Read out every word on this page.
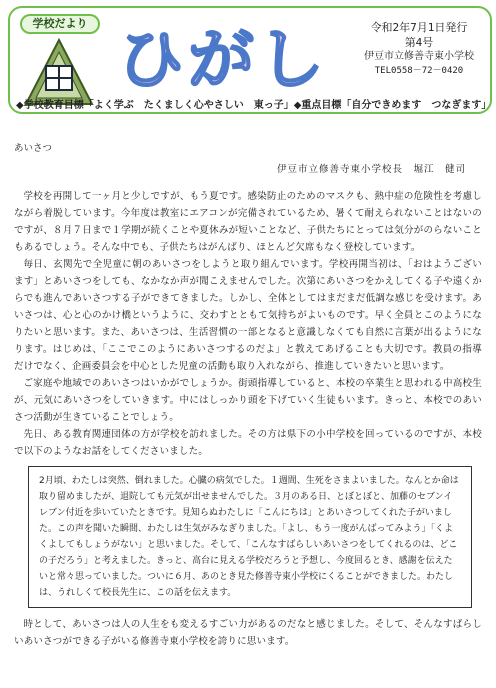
学校だより ひがし	令和2年7月1日発行
第4号
伊豆市立修善寺東小学校
TEL0558－72－0420
◆学校教育目標「よく学ぶ　たくましく心やさしい　東っ子」◆重点目標「自分できめます　つなぎます」
あいさつ
伊豆市立修善寺東小学校長　堀江　健司

学校を再開して一ヶ月と少しですが、もう夏です。感染防止のためのマスクも、熱中症の危険性を考慮しながら着脱しています。今年度は教室にエアコンが完備されているため、暑くて耐えられないことはないのですが、８月７日まで１学期が続くことや夏休みが短いことなど、子供たちにとっては気分がのらないこともあるでしょう。そんな中でも、子供たちはがんばり、ほとんど欠席もなく登校しています。

毎日、玄関先で全児童に朝のあいさつをしようと取り組んでいます。学校再開当初は、「おはようございます」とあいさつをしても、なかなか声が聞こえませんでした。次第にあいさつをかえしてくる子や遠くからでも進んであいさつする子ができてきました。しかし、全体としてはまだまだ低調な感じを受けます。あいさつは、心と心のかけ橋というように、交わすとともて気持ちがよいものです。早く全員とこのようになりたいと思います。また、あいさつは、生活習慣の一部となると意識しなくても自然に言葉が出るようになります。はじめは、「ここでこのようにあいさつするのだよ」と教えてあげることも大切です。教員の指導だけでなく、企画委員会を中心とした児童の活動も取り入れながら、推進していきたいと思います。

ご家庭や地域でのあいさつはいかがでしょうか。街頭指導していると、本校の卒業生と思われる中高校生が、元気にあいさつをしていきます。中にはしっかり頭を下げていく生徒もいます。きっと、本校でのあいさつ活動が生きていることでしょう。

先日、ある教育関連団体の方が学校を訪れました。その方は県下の小中学校を回っているのですが、本校で以下のようなお話をしてくださいました。

2月頃、わたしは突然、倒れました。心臓の病気でした。１週間、生死をさまよいました。なんとか命は取り留めましたが、退院しても元気が出せませんでした。３月のある日、とぼとぼと、加藤のセブンイレブン付近を歩いていたときです。見知らぬわたしに「こんにちは」とあいさつしてくれた子がいました。この声を聞いた瞬間、わたしは生気がみなぎりました。「よし、もう一度がんばってみよう」「くよくよしてもしょうがない」と思いました。そして、「こんなすばらしいあいさつをしてくれるのは、どこの子だろう」と考えました。きっと、高台に見える学校だろうと予想し、今度回るとき、感謝を伝えたいと常々思っていました。ついに６月、あのとき見た修善寺東小学校にくることができました。わたしは、うれしくて校長先生に、この話を伝えます。

時として、あいさつは人の人生をも変えるすごい力があるのだなと感じました。そして、そんなすばらしいあいさつができる子がいる修善寺東小学校を誇りに思います。
